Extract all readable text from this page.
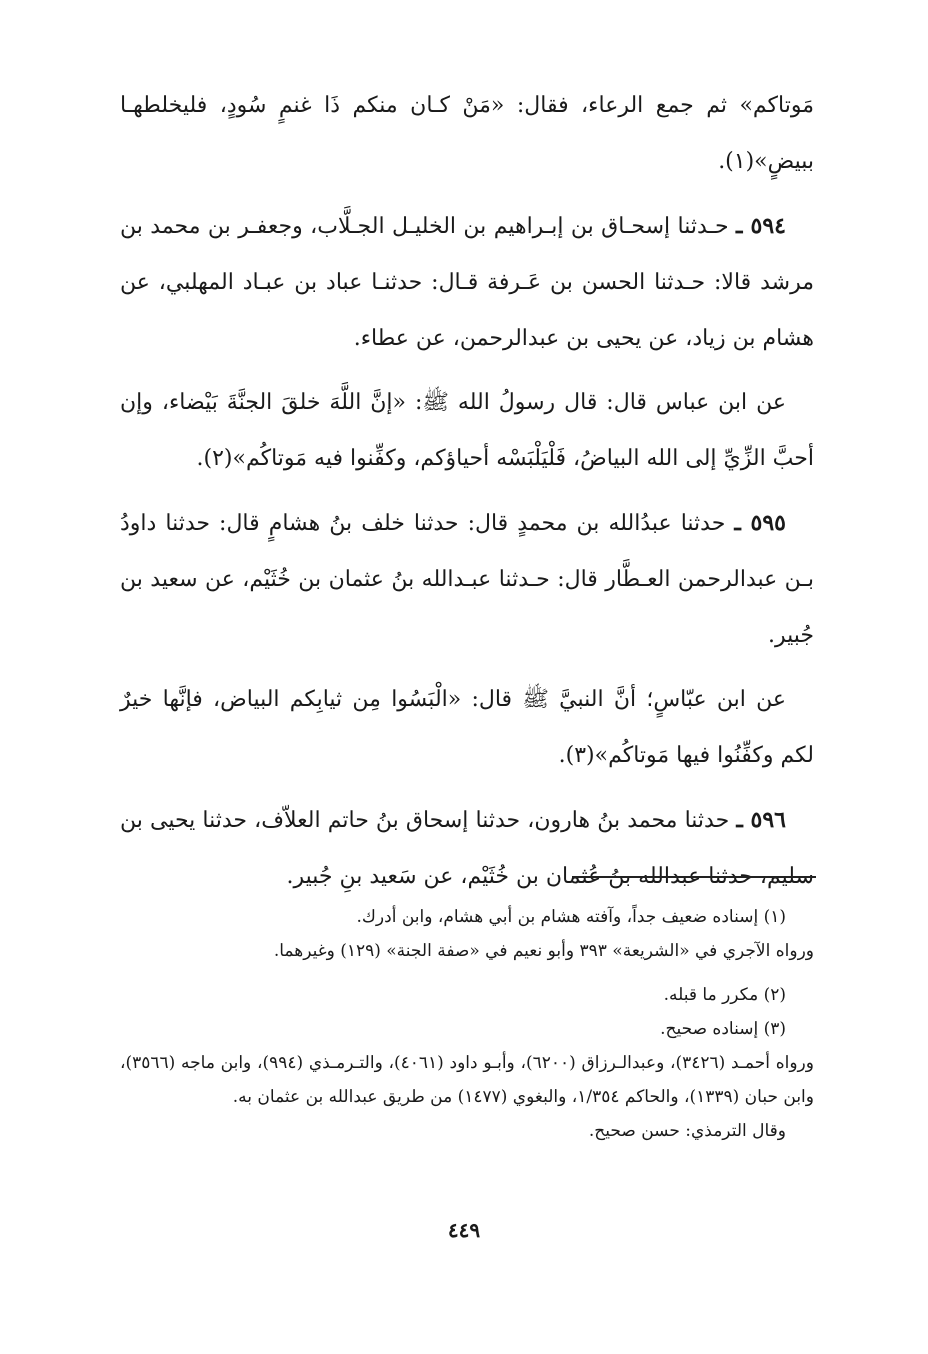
مَوتاكم» ثم جمع الرعاء، فقال: «مَنْ كـان منكم ذَا غنمٍ سُودٍ، فليخلطهـا ببيضٍ»(١).

٥٩٤ ـ حـدثنا إسحـاق بن إبـراهيم بن الخليـل الجـلَّاب، وجعفـر بن محمد بن مرشد قالا: حـدثنا الحسن بن عَـرفة قـال: حدثنـا عباد بن عبـاد المهلبي، عن هشام بن زياد، عن يحيى بن عبدالرحمن، عن عطاء.

عن ابن عباس قال: قال رسولُ الله ﷺ: «إنَّ اللَّهَ خلقَ الجنَّةَ بَيْضاء، وإن أحبَّ الزِّيِّ إلى الله البياضُ، فَلْيَلْبَسْه أحياؤكم، وكفِّنوا فيه مَوتاكُم»(٢).

٥٩٥ ـ حدثنا عبدُالله بن محمدٍ قال: حدثنا خلف بنُ هشامٍ قال: حدثنا داودُ بـن عبدالرحمن العـطَّار قال: حـدثنا عبـدالله بنُ عثمان بن خُثَيْم، عن سعيد بن جُبير.

عن ابن عبّاسٍ؛ أنَّ النبيَّ ﷺ قال: «الْبَسُوا مِن ثيابِكم البياض، فإنَّها خيرٌ لكم وكفِّنُوا فيها مَوتاكُم»(٣).

٥٩٦ ـ حدثنا محمد بنُ هارون، حدثنا إسحاق بنُ حاتم العلاّف، حدثنا يحيى بن سليم، حدثنا عبدالله بنُ عُثمان بن خُثَيْم، عن سَعيد بنِ جُبير.

(١) إسناده ضعيف جداً، وآفته هشام بن أبي هشام، وابن أدرك.

ورواه الآجري في «الشريعة» ٣٩٣ وأبو نعيم في «صفة الجنة» (١٢٩) وغيرهما.

(٢) مكرر ما قبله.

(٣) إسناده صحيح.

ورواه أحمـد (٣٤٢٦)، وعبدالـرزاق (٦٢٠٠)، وأبـو داود (٤٠٦١)، والتـرمـذي (٩٩٤)، وابن ماجه (٣٥٦٦)، وابن حبان (١٣٣٩)، والحاكم ١/٣٥٤، والبغوي (١٤٧٧) من طريق عبدالله بن عثمان به.

وقال الترمذي: حسن صحيح.

٤٤٩
